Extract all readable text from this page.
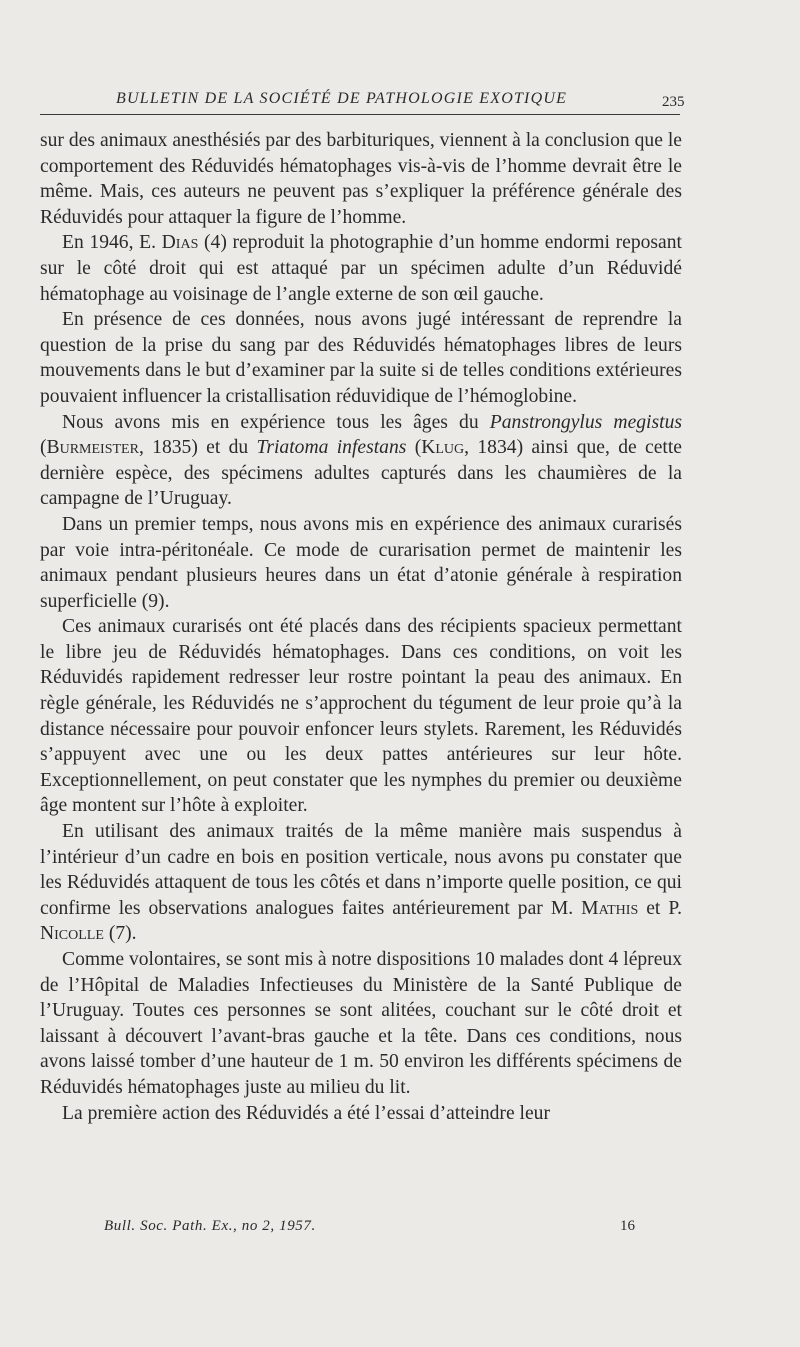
BULLETIN DE LA SOCIÉTÉ DE PATHOLOGIE EXOTIQUE	235

sur des animaux anesthésiés par des barbituriques, viennent à la conclusion que le comportement des Réduvidés hématophages vis-à-vis de l’homme devrait être le même. Mais, ces auteurs ne peuvent pas s’expliquer la préférence générale des Réduvidés pour attaquer la figure de l’homme.

En 1946, E. Dias (4) reproduit la photographie d’un homme endormi reposant sur le côté droit qui est attaqué par un spécimen adulte d’un Réduvidé hématophage au voisinage de l’angle externe de son œil gauche.

En présence de ces données, nous avons jugé intéressant de reprendre la question de la prise du sang par des Réduvidés hématophages libres de leurs mouvements dans le but d’examiner par la suite si de telles conditions extérieures pouvaient influencer la cristallisation réduvidique de l’hémoglobine.

Nous avons mis en expérience tous les âges du Panstrongylus megistus (Burmeister, 1835) et du Triatoma infestans (Klug, 1834) ainsi que, de cette dernière espèce, des spécimens adultes capturés dans les chaumières de la campagne de l’Uruguay.

Dans un premier temps, nous avons mis en expérience des animaux curarisés par voie intra-péritonéale. Ce mode de curarisation permet de maintenir les animaux pendant plusieurs heures dans un état d’atonie générale à respiration superficielle (9).

Ces animaux curarisés ont été placés dans des récipients spacieux permettant le libre jeu de Réduvidés hématophages. Dans ces conditions, on voit les Réduvidés rapidement redresser leur rostre pointant la peau des animaux. En règle générale, les Réduvidés ne s’approchent du tégument de leur proie qu’à la distance nécessaire pour pouvoir enfoncer leurs stylets. Rarement, les Réduvidés s’appuyent avec une ou les deux pattes antérieures sur leur hôte. Exceptionnellement, on peut constater que les nymphes du premier ou deuxième âge montent sur l’hôte à exploiter.

En utilisant des animaux traités de la même manière mais suspendus à l’intérieur d’un cadre en bois en position verticale, nous avons pu constater que les Réduvidés attaquent de tous les côtés et dans n’importe quelle position, ce qui confirme les observations analogues faites antérieurement par M. Mathis et P. Nicolle (7).

Comme volontaires, se sont mis à notre dispositions 10 malades dont 4 lépreux de l’Hôpital de Maladies Infectieuses du Ministère de la Santé Publique de l’Uruguay. Toutes ces personnes se sont alitées, couchant sur le côté droit et laissant à découvert l’avant-bras gauche et la tête. Dans ces conditions, nous avons laissé tomber d’une hauteur de 1 m. 50 environ les différents spécimens de Réduvidés hématophages juste au milieu du lit.

La première action des Réduvidés a été l’essai d’atteindre leur

Bull. Soc. Path. Ex., no 2, 1957.	16
